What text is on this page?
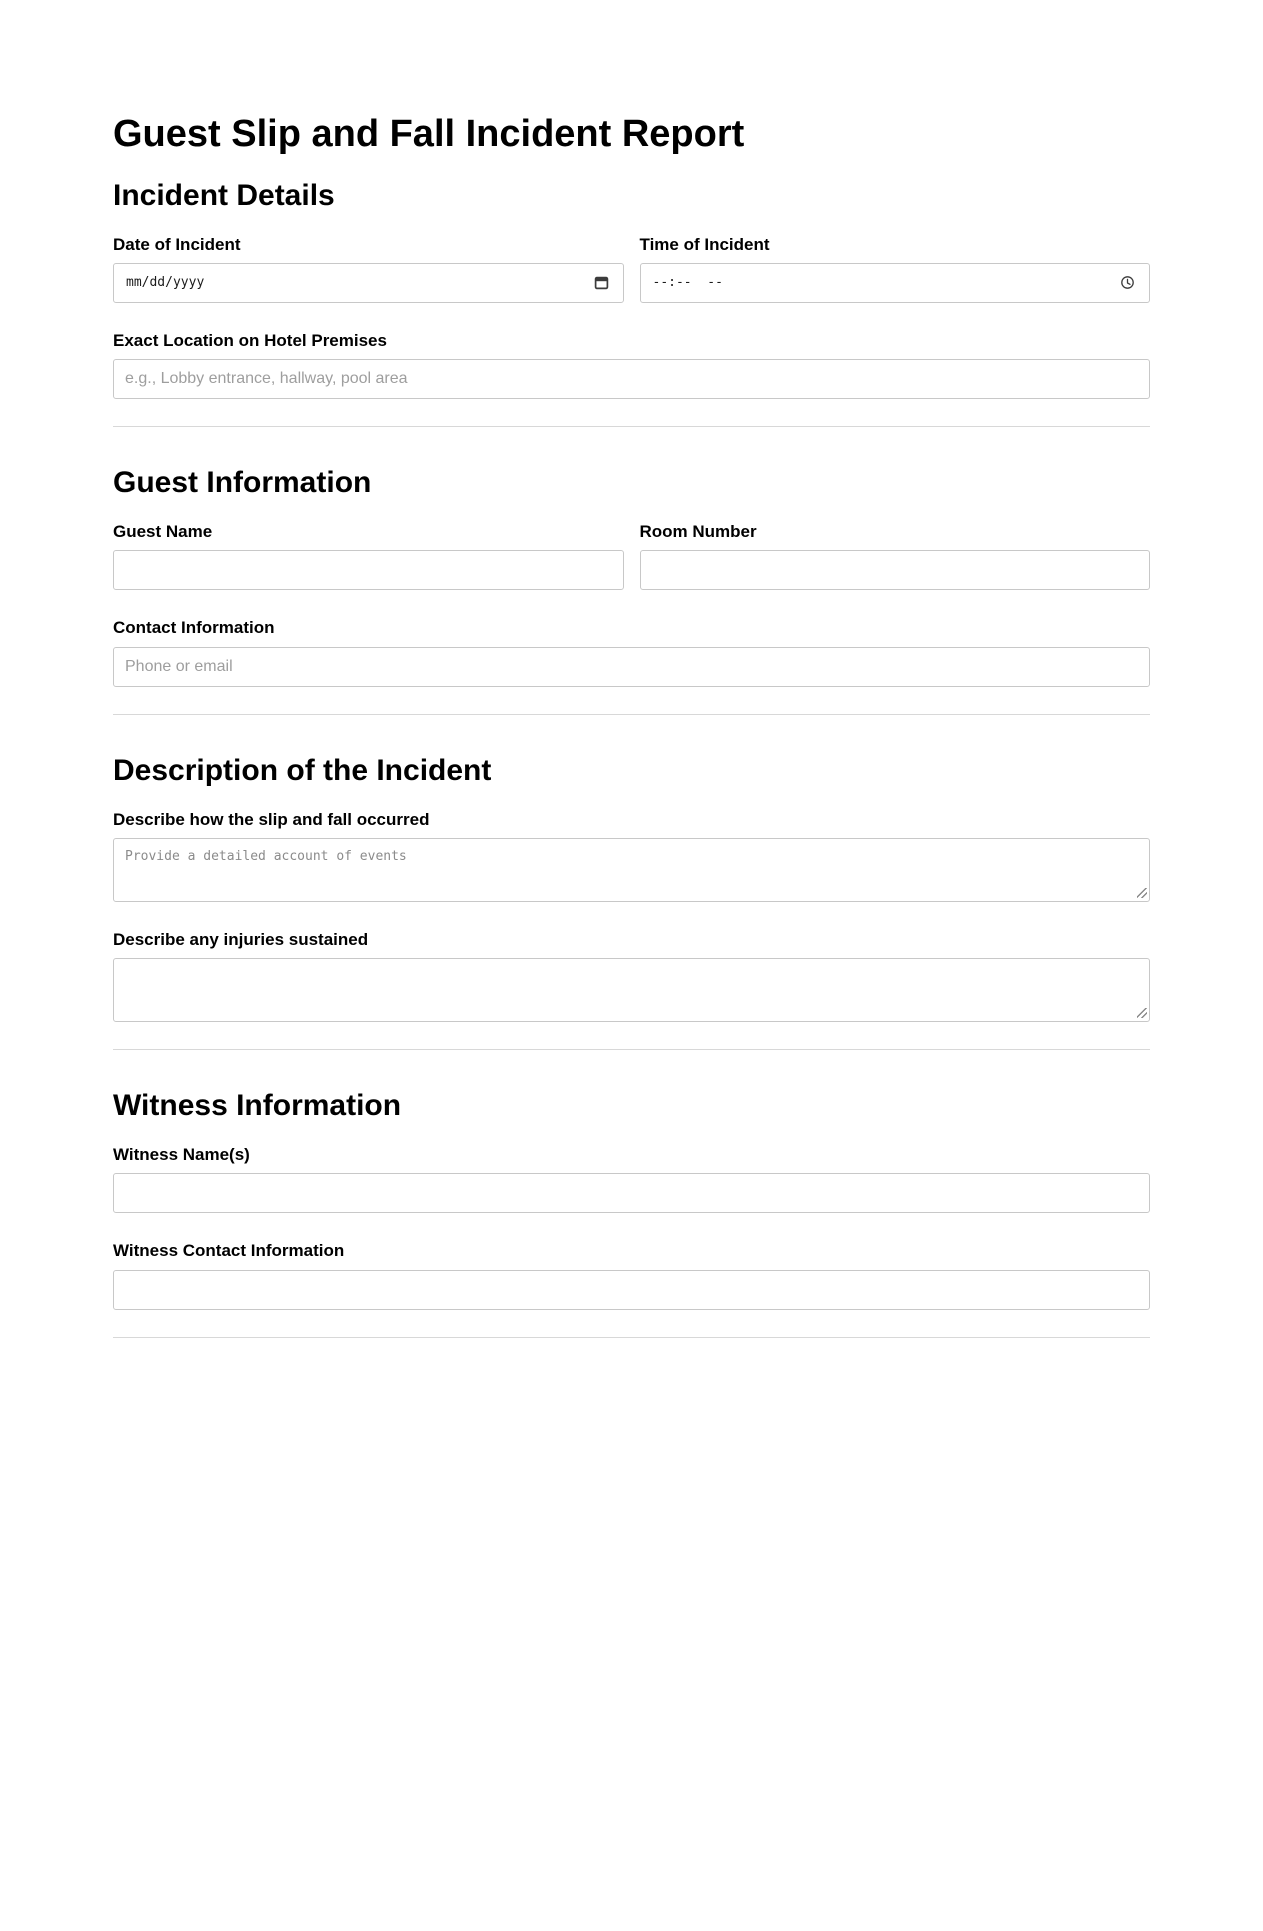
Guest Slip and Fall Incident Report
Incident Details
Date of Incident
mm/dd/yyyy
Time of Incident
--:--  --
Exact Location on Hotel Premises
e.g., Lobby entrance, hallway, pool area
Guest Information
Guest Name	Room Number
Contact Information
Phone or email
Description of the Incident
Describe how the slip and fall occurred
Provide a detailed account of events
Describe any injuries sustained
Witness Information
Witness Name(s)
Witness Contact Information
